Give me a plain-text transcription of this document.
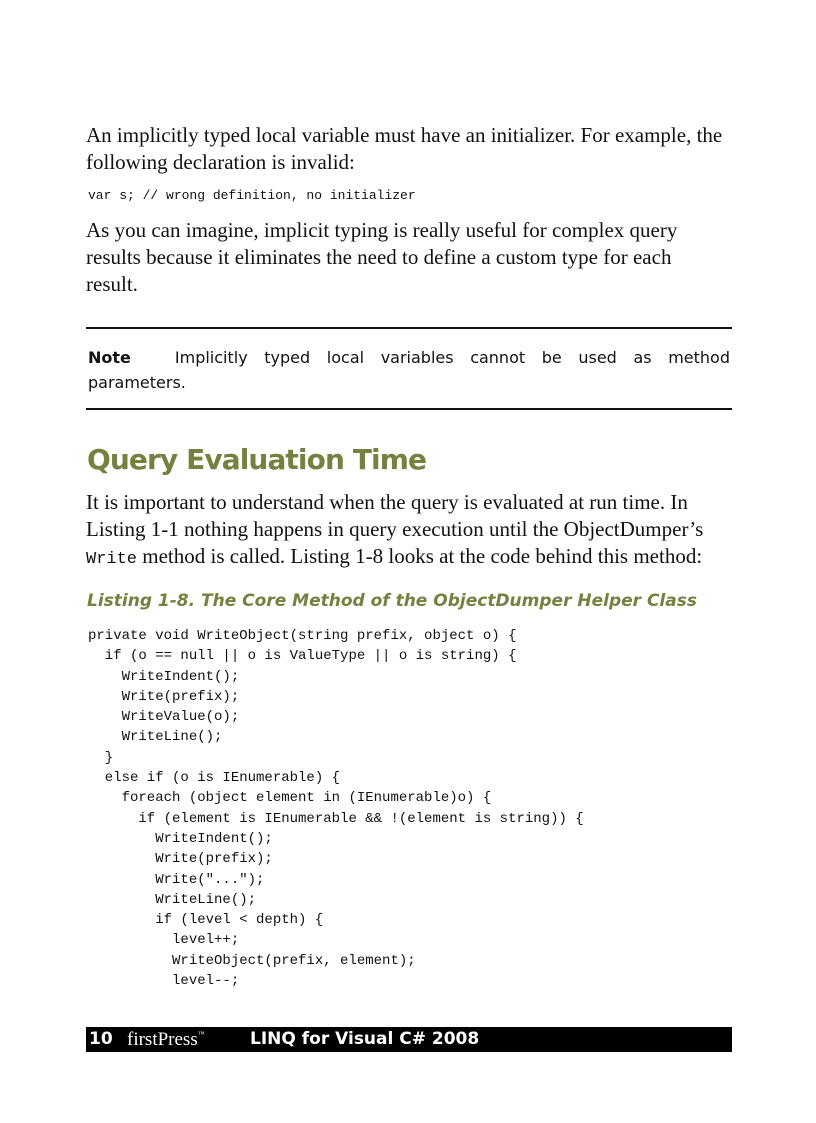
An implicitly typed local variable must have an initializer. For example, the following declaration is invalid:

var s; // wrong definition, no initializer

As you can imagine, implicit typing is really useful for complex query results because it eliminates the need to define a custom type for each result.

Note	Implicitly typed local variables cannot be used as method parameters.

Query Evaluation Time

It is important to understand when the query is evaluated at run time. In Listing 1-1 nothing happens in query execution until the ObjectDumper’s Write method is called. Listing 1-8 looks at the code behind this method:

Listing 1-8. The Core Method of the ObjectDumper Helper Class

private void WriteObject(string prefix, object o) {
if (o == null || o is ValueType || o is string) {
WriteIndent();
Write(prefix);
WriteValue(o);
WriteLine();
}
else if (o is IEnumerable) {
foreach (object element in (IEnumerable)o) {
if (element is IEnumerable && !(element is string)) {
WriteIndent();
Write(prefix);
Write("...");
WriteLine();
if (level < depth) {
level++;
WriteObject(prefix, element);
level--;
10 firstPress™	LINQ for Visual C# 2008
